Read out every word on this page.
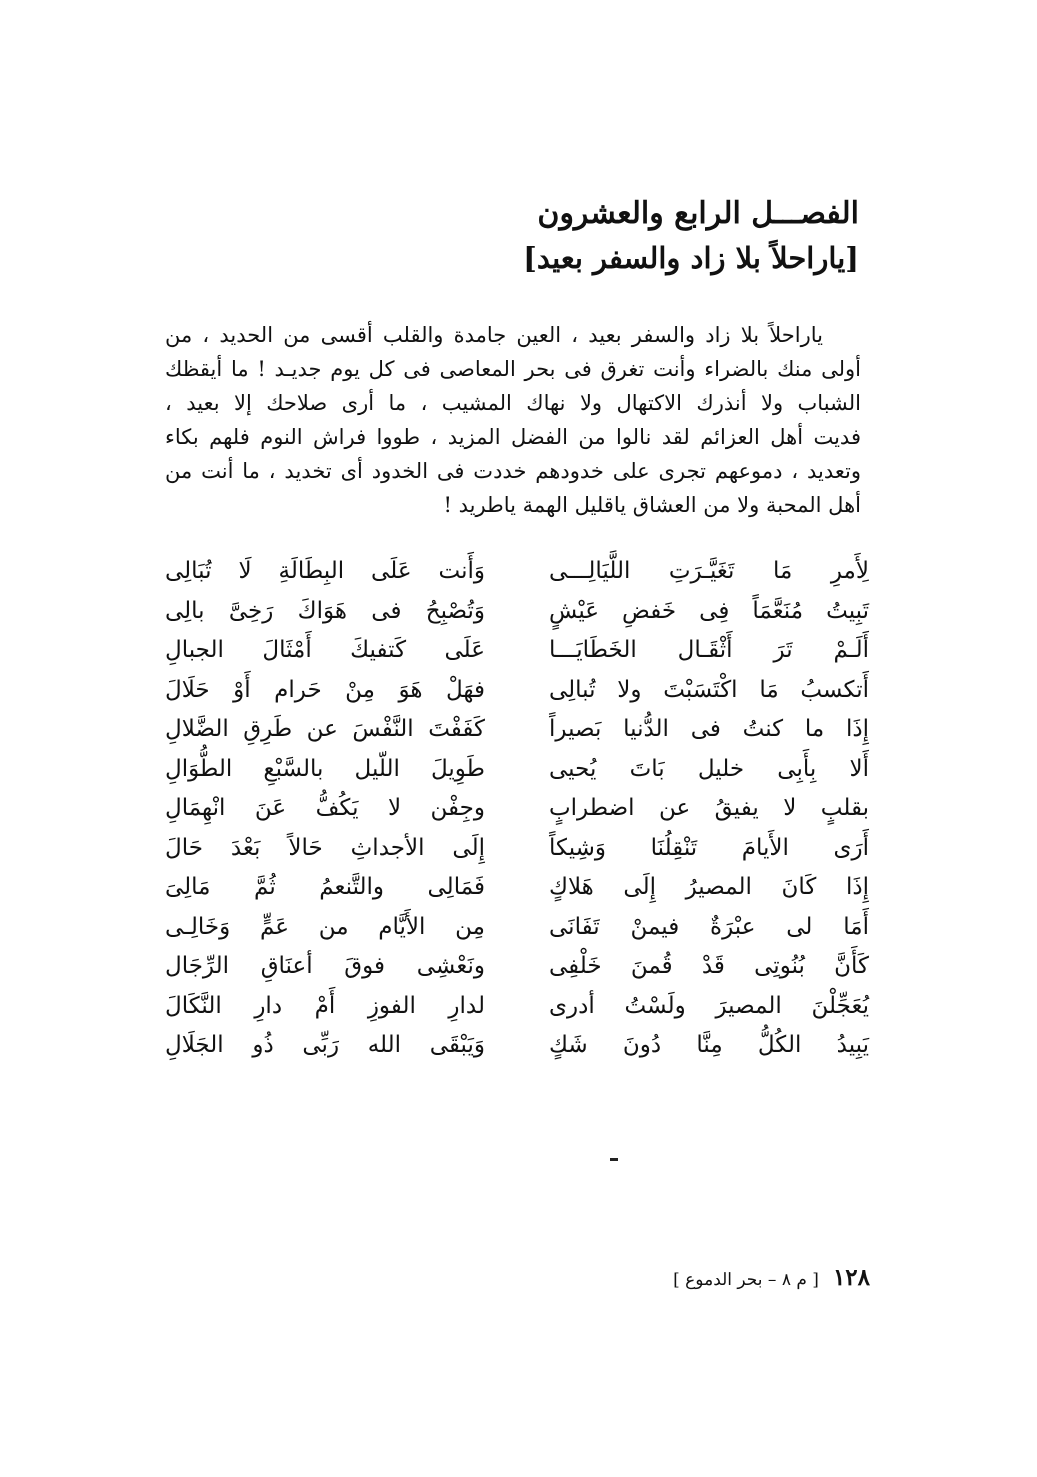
الفصـــل الرابع والعشرون
[ياراحلاً بلا زاد والسفر بعيد]
ياراحلاً بلا زاد والسفر بعيد ، العين جامدة والقلب أقسى من الحديد ، من
أولى منك بالضراء وأنت تغرق فى بحر المعاصى فى كل يوم جديـد ! ما أيقظك
الشباب ولا أنذرك الاكتهال ولا نهاك المشيب ، ما أرى صلاحك إلا بعيد ،
فديت أهل العزائم لقد نالوا من الفضل المزيد ، طووا فراش النوم فلهم بكاء
وتعديد ، دموعهم تجرى على خدودهم خددت فى الخدود أى تخديد ، ما أنت من
أهل المحبة ولا من العشاق ياقليل الهمة ياطريد !
لِأَمرِ مَا تَغَيَّـرَتِ اللَّيَالِـــى
وَأَنت عَلَى البِطَالَةِ لَا تُبَالِى
تَبِيتُ مُنَعَّمَاً فِى خَفضِ عَيْشٍ
وَتُصْبِحُ فى هَوَاكَ رَخِىَّ بالِى
أَلَـمْ تَرَ أَثْقَـال الخَطَايَـــا
عَلَى كَتفيكَ أَمْثَالَ الجبالِ
أَتكسبُ مَا اكْتَسَبْتَ ولا تُبالِى
فهَلْ هَوَ مِنْ حَرام أَوْ حَلَالَ
إِذَا ما كنتُ فى الدُّنيا بَصيراً
كَفَفْتَ النَّفْسَ عن طَرِقِ الضَّلالِ
أَلا بِأَبِى خليل بَاتَ يُحيى
طَوِيلَ اللّيل بالسَّبْعِ الطُّوَالِ
بقلبٍ لا يفيقُ عن اضطرابٍ
وجِفْن لا يَكُفُّ عَنَ انْهِمَالِ
أَرَى الأَيامَ تَنْقِلُنَا وَشِيكاً
إِلَى الأجداثِ حَالاً بَعْدَ حَالَ
إِذَا كَانَ المصيرُ إِلَى هَلاكٍ
فَمَالِى والتَّنعمُ ثُمَّ مَالِىَ
أَمَا لى عبْرَةٌ فيمنْ تَفَانَى
مِن الأَيَّام من عَمٍّ وَخَالِـى
كَأَنَّ بُنُوتِى قَدْ قُمنَ خَلْفِى
ونَعْشِى فوقَ أعنَاقِ الرِّجَال
يُعَجِّلْنَ المصيرَ ولَسْتُ أدرى
لدارِ الفوزِ أَمْ دارِ النَّكَالَ
يَبِيدُ الكُلُّ مِنَّا دُونَ شَكٍ
وَيَبْقَى الله رَبِّى ذُو الجَلَالِ
١٢٨
[ م ٨ – بحر الدموع ]
